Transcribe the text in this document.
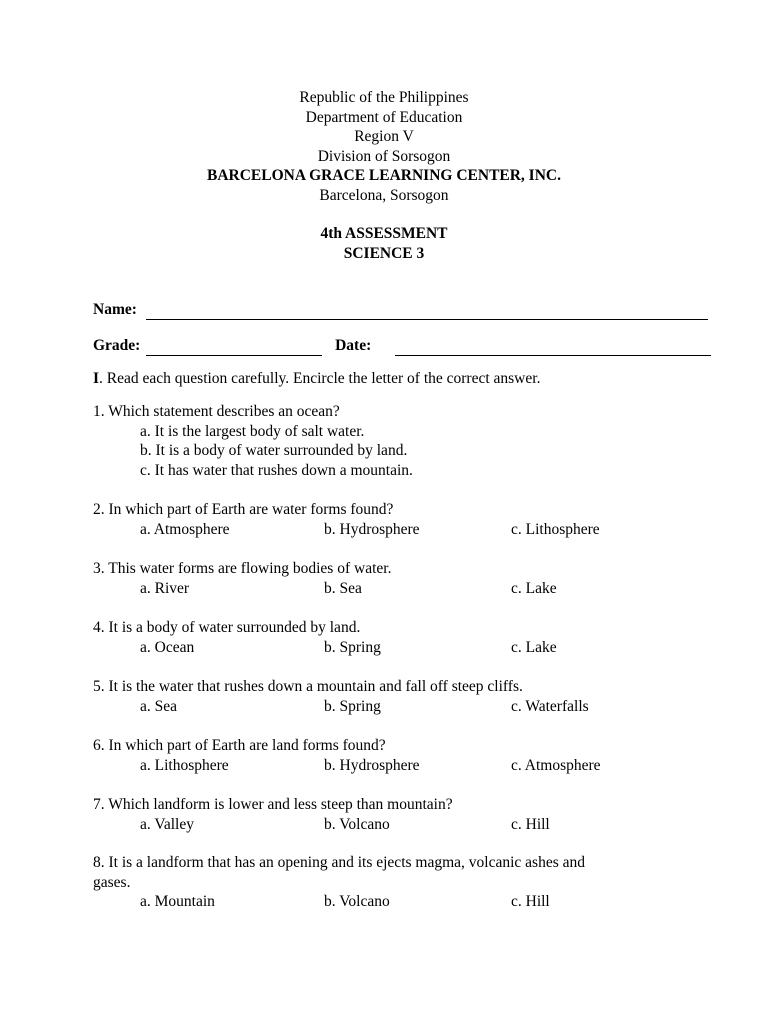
Republic of the Philippines
Department of Education
Region V
Division of Sorsogon
BARCELONA GRACE LEARNING CENTER, INC.
Barcelona, Sorsogon
4th ASSESSMENT
SCIENCE 3
Name:
Grade:	Date:
I. Read each question carefully. Encircle the letter of the correct answer.
1. Which statement describes an ocean?
a. It is the largest body of salt water.
b. It is a body of water surrounded by land.
c. It has water that rushes down a mountain.
2. In which part of Earth are water forms found?
a. Atmosphere	b. Hydrosphere	c. Lithosphere
3. This water forms are flowing bodies of water.
a. River	b. Sea	c. Lake
4. It is a body of water surrounded by land.
a. Ocean	b. Spring	c. Lake
5. It is the water that rushes down a mountain and fall off steep cliffs.
a. Sea	b. Spring	c. Waterfalls
6. In which part of Earth are land forms found?
a. Lithosphere	b. Hydrosphere	c. Atmosphere
7. Which landform is lower and less steep than mountain?
a. Valley	b. Volcano	c. Hill
8. It is a landform that has an opening and its ejects magma, volcanic ashes and
gases.
a. Mountain	b. Volcano	c. Hill
